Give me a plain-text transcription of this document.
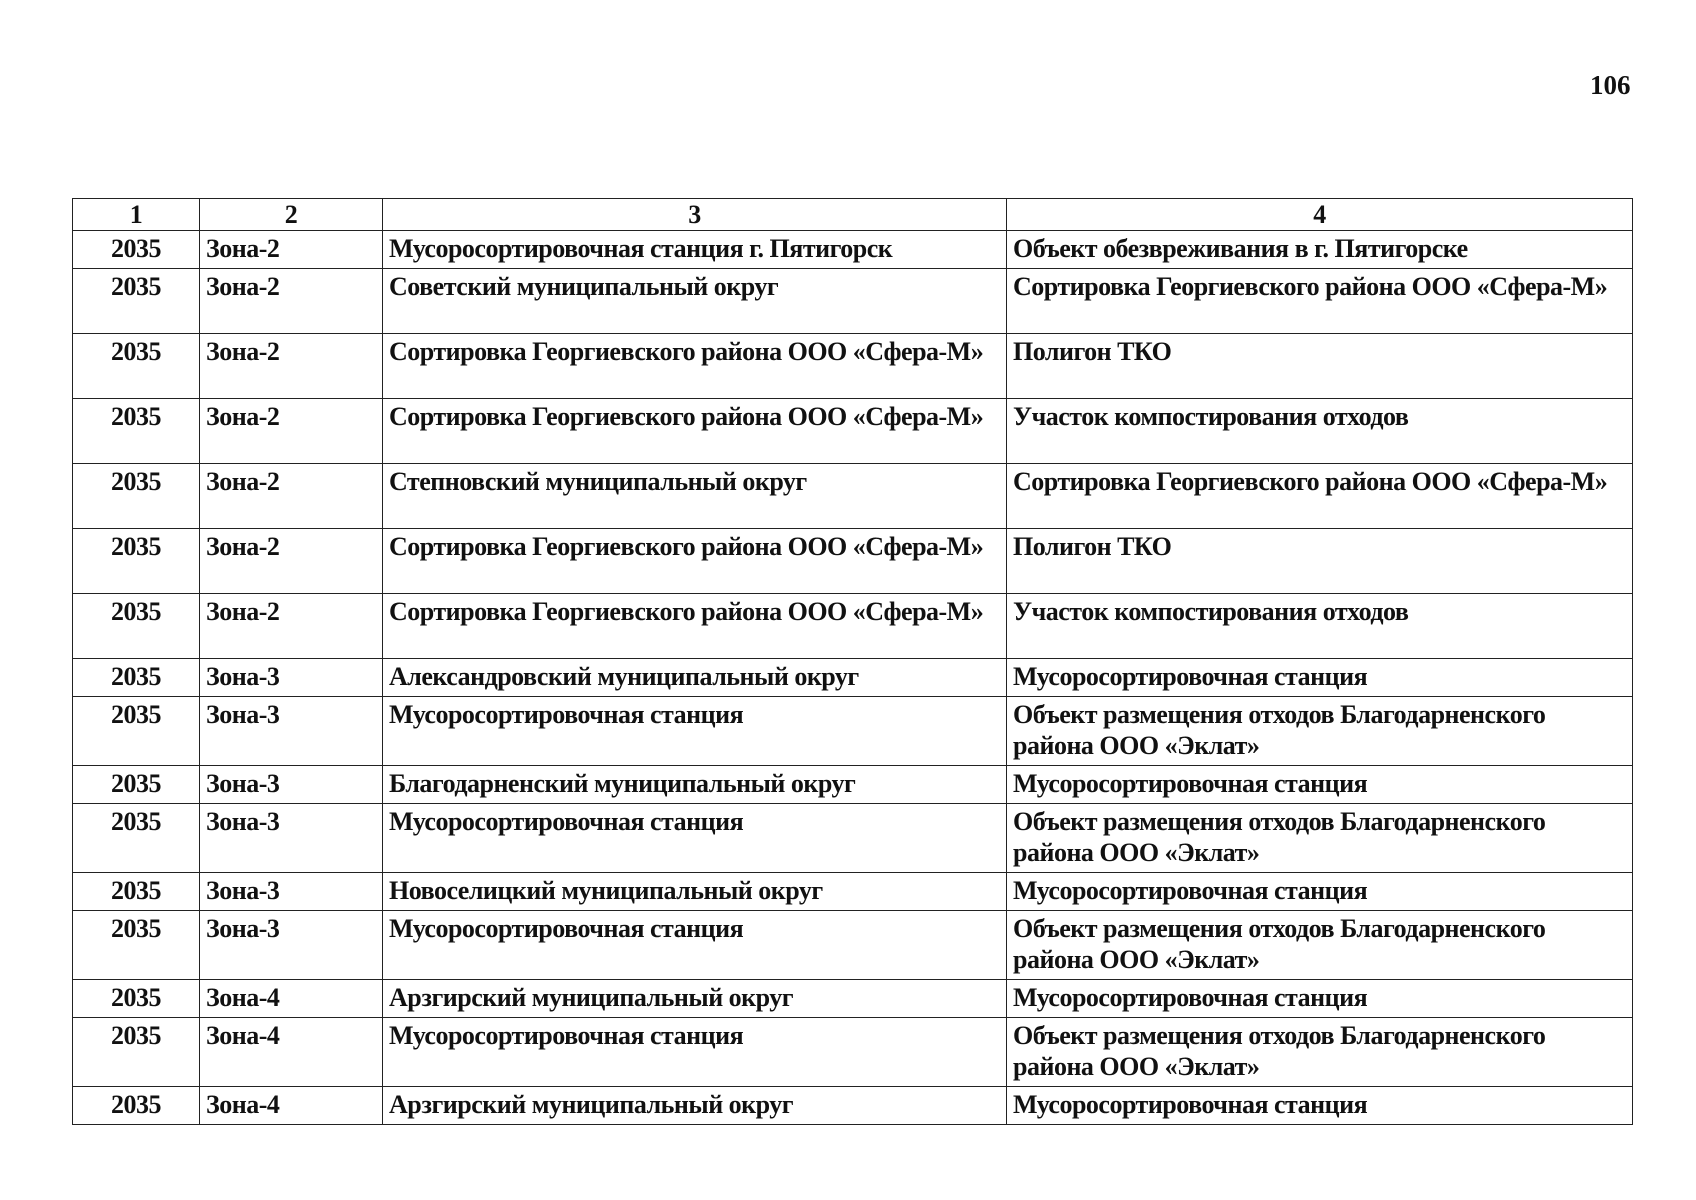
106
1	2	3	4
2035	Зона-2	Мусоросортировочная станция г. Пятигорск	Объект обезвреживания в г. Пятигорске
2035	Зона-2	Советский муниципальный округ	Сортировка Георгиевского района ООО «Сфера-М»
2035	Зона-2	Сортировка Георгиевского района ООО «Сфера-М»	Полигон ТКО
2035	Зона-2	Сортировка Георгиевского района ООО «Сфера-М»	Участок компостирования отходов
2035	Зона-2	Степновский муниципальный округ	Сортировка Георгиевского района ООО «Сфера-М»
2035	Зона-2	Сортировка Георгиевского района ООО «Сфера-М»	Полигон ТКО
2035	Зона-2	Сортировка Георгиевского района ООО «Сфера-М»	Участок компостирования отходов
2035	Зона-3	Александровский муниципальный округ	Мусоросортировочная станция
2035	Зона-3	Мусоросортировочная станция	Объект размещения отходов Благодарненского района ООО «Эклат»
2035	Зона-3	Благодарненский муниципальный округ	Мусоросортировочная станция
2035	Зона-3	Мусоросортировочная станция	Объект размещения отходов Благодарненского района ООО «Эклат»
2035	Зона-3	Новоселицкий муниципальный округ	Мусоросортировочная станция
2035	Зона-3	Мусоросортировочная станция	Объект размещения отходов Благодарненского района ООО «Эклат»
2035	Зона-4	Арзгирский муниципальный округ	Мусоросортировочная станция
2035	Зона-4	Мусоросортировочная станция	Объект размещения отходов Благодарненского района ООО «Эклат»
2035	Зона-4	Арзгирский муниципальный округ	Мусоросортировочная станция
